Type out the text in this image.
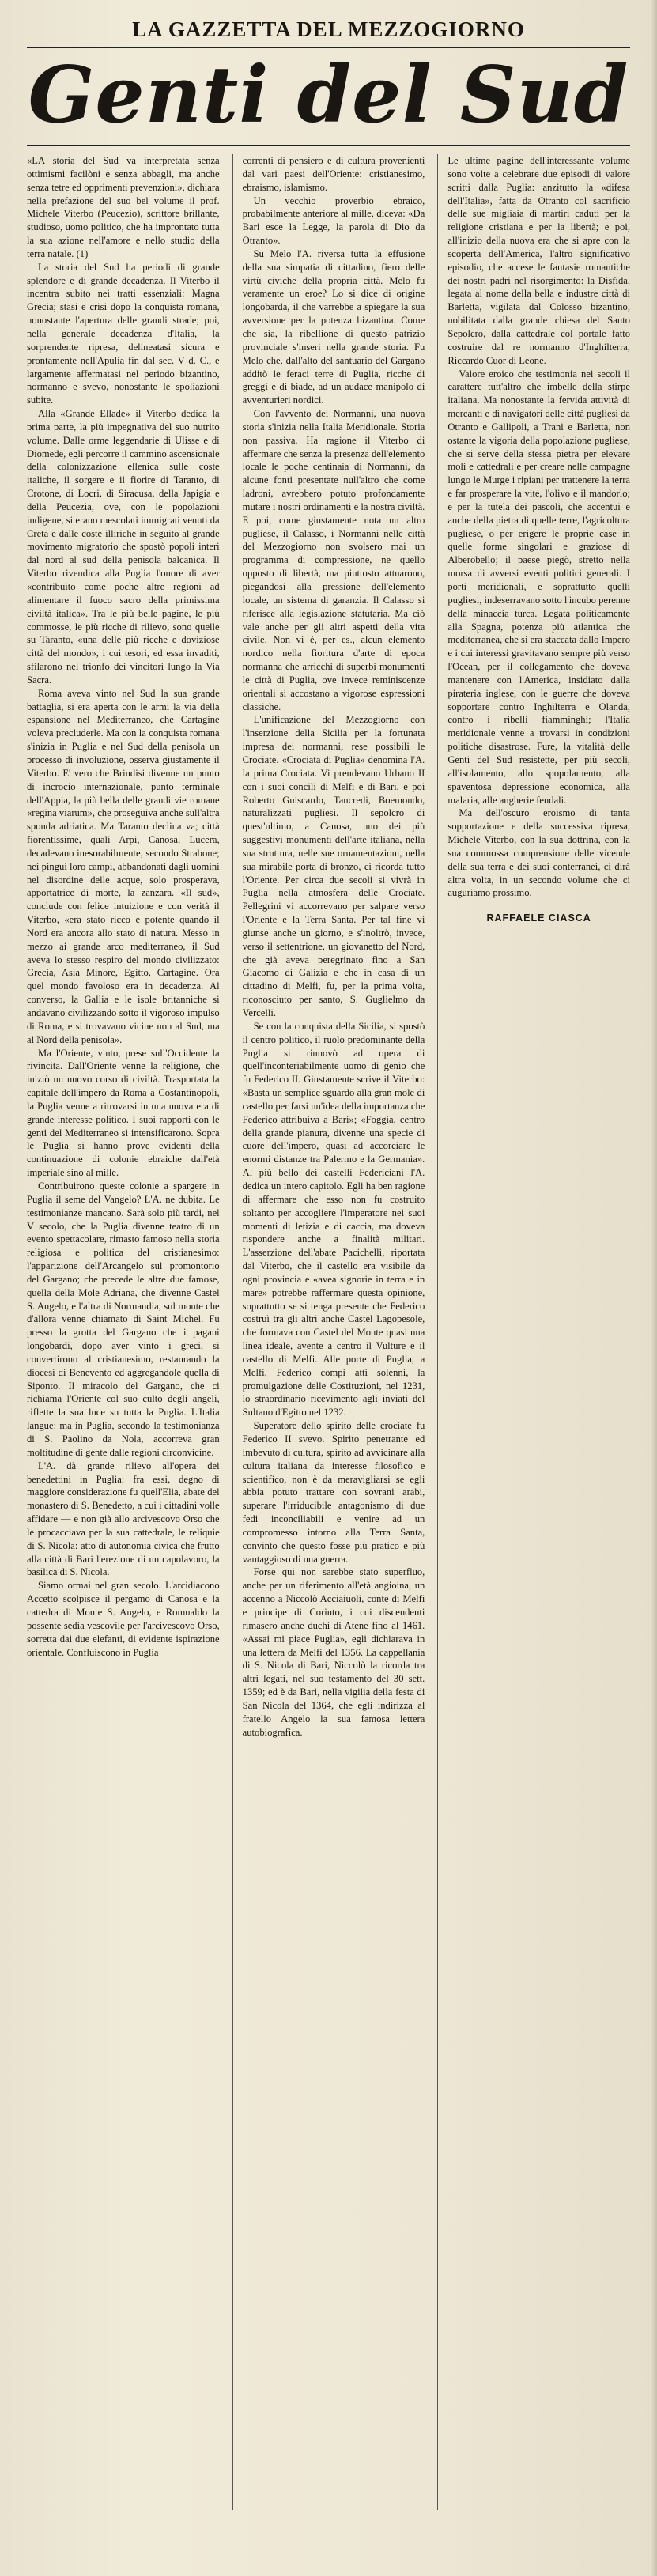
LA GAZZETTA DEL MEZZOGIORNO
Genti del Sud

«LA storia del Sud va interpretata senza ottimismi facilòni e senza abbagli, ma anche senza tetre ed opprimenti prevenzioni», dichiara nella prefazione del suo bel volume il prof. Michele Viterbo (Peucezio), scrittore brillante, studioso, uomo politico, che ha improntato tutta la sua azione nell'amore e nello studio della terra natale. (1)

La storia del Sud ha periodi di grande splendore e di grande decadenza. Il Viterbo il incentra subito nei tratti essenziali: Magna Grecia; stasi e crisi dopo la conquista romana, nonostante l'apertura delle grandi strade; poi, nella generale decadenza d'Italia, la sorprendente ripresa, delineatasi sicura e prontamente nell'Apulia fin dal sec. V d. C., e largamente affermatasi nel periodo bizantino, normanno e svevo, nonostante le spoliazioni subite.

Alla «Grande Ellade» il Viterbo dedica la prima parte, la più impegnativa del suo nutrito volume. Dalle orme leggendarie di Ulisse e di Diomede, egli percorre il cammino ascensionale della colonizzazione ellenica sulle coste italiche, il sorgere e il fiorire di Taranto, di Crotone, di Locri, di Siracusa, della Japigia e della Peucezia, ove, con le popolazioni indigene, si erano mescolati immigrati venuti da Creta e dalle coste illiriche in seguito al grande movimento migratorio che spostò popoli interi dal nord al sud della penisola balcanica. Il Viterbo rivendica alla Puglia l'onore di aver «contribuito come poche altre regioni ad alimentare il fuoco sacro della primissima civiltà italica». Tra le più belle pagine, le più commosse, le più ricche di rilievo, sono quelle su Taranto, «una delle più ricche e doviziose città del mondo», i cui tesori, ed essa invaditi, sfilarono nel trionfo dei vincitori lungo la Via Sacra.

Roma aveva vinto nel Sud la sua grande battaglia, si era aperta con le armi la via della espansione nel Mediterraneo, che Cartagine voleva precluderle. Ma con la conquista romana s'inizia in Puglia e nel Sud della penisola un processo di involuzione, osserva giustamente il Viterbo. E' vero che Brindisi divenne un punto di incrocio internazionale, punto terminale dell'Appia, la più bella delle grandi vie romane «regina viarum», che proseguiva anche sull'altra sponda adriatica. Ma Taranto declina va; città fiorentissime, quali Arpi, Canosa, Lucera, decadevano inesorabilmente, secondo Strabone; nei pingui loro campi, abbandonati dagli uomini nel disordine delle acque, solo prosperava, apportatrice di morte, la zanzara. «Il sud», conclude con felice intuizione e con verità il Viterbo, «era stato ricco e potente quando il Nord era ancora allo stato di natura. Messo in mezzo ai grande arco mediterraneo, il Sud aveva lo stesso respiro del mondo civilizzato: Grecia, Asia Minore, Egitto, Cartagine. Ora quel mondo favoloso era in decadenza. Al converso, la Gallia e le isole britanniche si andavano civilizzando sotto il vigoroso impulso di Roma, e si trovavano vicine non al Sud, ma al Nord della penisola».

Ma l'Oriente, vinto, prese sull'Occidente la rivincita. Dall'Oriente venne la religione, che iniziò un nuovo corso di civiltà. Trasportata la capitale dell'impero da Roma a Costantinopoli, la Puglia venne a ritrovarsi in una nuova era di grande interesse politico. I suoi rapporti con le genti del Mediterraneo si intensificarono. Sopra le Puglia si hanno prove evidenti della continuazione di colonie ebraiche dall'età imperiale sino al mille.

Contribuirono queste colonie a spargere in Puglia il seme del Vangelo? L'A. ne dubita. Le testimonianze mancano. Sarà solo più tardi, nel V secolo, che la Puglia divenne teatro di un evento spettacolare, rimasto famoso nella storia religiosa e politica del cristianesimo: l'apparizione dell'Arcangelo sul promontorio del Gargano; che precede le altre due famose, quella della Mole Adriana, che divenne Castel S. Angelo, e l'altra di Normandia, sul monte che d'allora venne chiamato di Saint Michel. Fu presso la grotta del Gargano che i pagani longobardi, dopo aver vinto i greci, si convertirono al cristianesimo, restaurando la diocesi di Benevento ed aggregandole quella di Siponto. Il miracolo del Gargano, che ci richiama l'Oriente col suo culto degli angeli, riflette la sua luce su tutta la Puglia. L'Italia langue: ma in Puglia, secondo la testimonianza di S. Paolino da Nola, accorreva gran moltitudine di gente dalle regioni circonvicine.

L'A. dà grande rilievo all'opera dei benedettini in Puglia: fra essi, degno di maggiore considerazione fu quell'Elia, abate del monastero di S. Benedetto, a cui i cittadini volle affidare — e non già allo arcivescovo Orso che le procacciava per la sua cattedrale, le reliquie di S. Nicola: atto di autonomia civica che frutto alla città di Bari l'erezione di un capolavoro, la basilica di S. Nicola.

Siamo ormai nel gran secolo. L'arcidiacono Accetto scolpisce il pergamo di Canosa e la cattedra di Monte S. Angelo, e Romualdo la possente sedia vescovile per l'arcivescovo Orso, sorretta dai due elefanti, di evidente ispirazione orientale. Confluiscono in Puglia

correnti di pensiero e di cultura provenienti dal vari paesi dell'Oriente: cristianesimo, ebraismo, islamismo.

Un vecchio proverbio ebraico, probabilmente anteriore al mille, diceva: «Da Bari esce la Legge, la parola di Dio da Otranto».

Su Melo l'A. riversa tutta la effusione della sua simpatia di cittadino, fiero delle virtù civiche della propria città. Melo fu veramente un eroe? Lo si dice di origine longobarda, il che varrebbe a spiegare la sua avversione per la potenza bizantina. Come che sia, la ribellione di questo patrizio provinciale s'inseri nella grande storia. Fu Melo che, dall'alto del santuario del Gargano additò le feraci terre di Puglia, ricche di greggi e di biade, ad un audace manipolo di avventurieri nordici.

Con l'avvento dei Normanni, una nuova storia s'inizia nella Italia Meridionale. Storia non passiva. Ha ragione il Viterbo di affermare che senza la presenza dell'elemento locale le poche centinaia di Normanni, da alcune fonti presentate null'altro che come ladroni, avrebbero potuto profondamente mutare i nostri ordinamenti e la nostra civiltà. E poi, come giustamente nota un altro pugliese, il Calasso, i Normanni nelle città del Mezzogiorno non svolsero mai un programma di compressione, ne quello opposto di libertà, ma piuttosto attuarono, piegandosi alla pressione dell'elemento locale, un sistema di garanzia. Il Calasso si riferisce alla legislazione statutaria. Ma ciò vale anche per gli altri aspetti della vita civile. Non vi è, per es., alcun elemento nordico nella fioritura d'arte di epoca normanna che arricchì di superbi monumenti le città di Puglia, ove invece reminiscenze orientali si accostano a vigorose espressioni classiche.

L'unificazione del Mezzogiorno con l'inserzione della Sicilia per la fortunata impresa dei normanni, rese possibili le Crociate. «Crociata di Puglia» denomina l'A. la prima Crociata. Vi prendevano Urbano II con i suoi concili di Melfi e di Bari, e poi Roberto Guiscardo, Tancredi, Boemondo, naturalizzati pugliesi. Il sepolcro di quest'ultimo, a Canosa, uno dei più suggestivi monumenti dell'arte italiana, nella sua struttura, nelle sue ornamentazioni, nella sua mirabile porta di bronzo, ci ricorda tutto l'Oriente. Per circa due secoli si vivrà in Puglia nella atmosfera delle Crociate. Pellegrini vi accorrevano per salpare verso l'Oriente e la Terra Santa. Per tal fine vi giunse anche un giorno, e s'inoltrò, invece, verso il settentrione, un giovanetto del Nord, che già aveva peregrinato fino a San Giacomo di Galizia e che in casa di un cittadino di Melfi, fu, per la prima volta, riconosciuto per santo, S. Guglielmo da Vercelli.

Se con la conquista della Sicilia, si spostò il centro politico, il ruolo predominante della Puglia si rinnovò ad opera di quell'inconteriabilmente uomo di genio che fu Federico II. Giustamente scrive il Viterbo: «Basta un semplice sguardo alla gran mole di castello per farsi un'idea della importanza che Federico attribuiva a Bari»; «Foggia, centro della grande pianura, divenne una specie di cuore dell'impero, quasi ad accorciare le enormi distanze tra Palermo e la Germania». Al più bello dei castelli Federiciani l'A. dedica un intero capitolo. Egli ha ben ragione di affermare che esso non fu costruito soltanto per accogliere l'imperatore nei suoi momenti di letizia e di caccia, ma doveva rispondere anche a finalità militari. L'asserzione dell'abate Pacichelli, riportata dal Viterbo, che il castello era visibile da ogni provincia e «avea signorie in terra e in mare» potrebbe raffermare questa opinione, soprattutto se si tenga presente che Federico costruì tra gli altri anche Castel Lagopesole, che formava con Castel del Monte quasi una linea ideale, avente a centro il Vulture e il castello di Melfi. Alle porte di Puglia, a Melfi, Federico compì atti solenni, la promulgazione delle Costituzioni, nel 1231, lo straordinario ricevimento agli inviati del Sultano d'Egitto nel 1232.

Superatore dello spirito delle crociate fu Federico II svevo. Spirito penetrante ed imbevuto di cultura, spirito ad avvicinare alla cultura italiana da interesse filosofico e scientifico, non è da meravigliarsi se egli abbia potuto trattare con sovrani arabi, superare l'irriducibile antagonismo di due fedi inconciliabili e venire ad un compromesso intorno alla Terra Santa, convinto che questo fosse più pratico e più vantaggioso di una guerra.

Forse qui non sarebbe stato superfluo, anche per un riferimento all'età angioina, un accenno a Niccolò Acciaiuoli, conte di Melfi e principe di Corinto, i cui discendenti rimasero anche duchi di Atene fino al 1461. «Assai mi piace Puglia», egli dichiarava in una lettera da Melfi del 1356. La cappellania di S. Nicola di Bari, Niccolò la ricorda tra altri legati, nel suo testamento del 30 sett. 1359; ed è da Bari, nella vigilia della festa di San Nicola del 1364, che egli indirizza al fratello Angelo la sua famosa lettera autobiografica.

Le ultime pagine dell'interessante volume sono volte a celebrare due episodi di valore scritti dalla Puglia: anzitutto la «difesa dell'Italia», fatta da Otranto col sacrificio delle sue migliaia di martiri caduti per la religione cristiana e per la libertà; e poi, all'inizio della nuova era che si apre con la scoperta dell'America, l'altro significativo episodio, che accese le fantasie romantiche dei nostri padri nel risorgimento: la Disfida, legata al nome della bella e industre città di Barletta, vigilata dal Colosso bizantino, nobilitata dalla grande chiesa del Santo Sepolcro, dalla cattedrale col portale fatto costruire dal re normanno d'Inghilterra, Riccardo Cuor di Leone.

Valore eroico che testimonia nei secoli il carattere tutt'altro che imbelle della stirpe italiana. Ma nonostante la fervida attività di mercanti e di navigatori delle città pugliesi da Otranto e Gallipoli, a Trani e Barletta, non ostante la vigoria della popolazione pugliese, che si serve della stessa pietra per elevare moli e cattedrali e per creare nelle campagne lungo le Murge i ripiani per trattenere la terra e far prosperare la vite, l'olivo e il mandorlo; e per la tutela dei pascoli, che accentui e anche della pietra di quelle terre, l'agricoltura pugliese, o per erigere le proprie case in quelle forme singolari e graziose di Alberobello; il paese piegò, stretto nella morsa di avversi eventi politici generali. I porti meridionali, e soprattutto quelli pugliesi, indeserravano sotto l'incubo perenne della minaccia turca. Legata politicamente alla Spagna, potenza più atlantica che mediterranea, che si era staccata dallo Impero e i cui interessi gravitavano sempre più verso l'Ocean, per il collegamento che doveva mantenere con l'America, insidiato dalla pirateria inglese, con le guerre che doveva sopportare contro Inghilterra e Olanda, contro i ribelli fiamminghi; l'Italia meridionale venne a trovarsi in condizioni politiche disastrose. Fure, la vitalità delle Genti del Sud resistette, per più secoli, all'isolamento, allo spopolamento, alla spaventosa depressione economica, alla malaria, alle angherie feudali.

Ma dell'oscuro eroismo di tanta sopportazione e della successiva ripresa, Michele Viterbo, con la sua dottrina, con la sua commossa comprensione delle vicende della sua terra e dei suoi conterranei, ci dirà altra volta, in un secondo volume che ci auguriamo prossimo.

RAFFAELE CIASCA
